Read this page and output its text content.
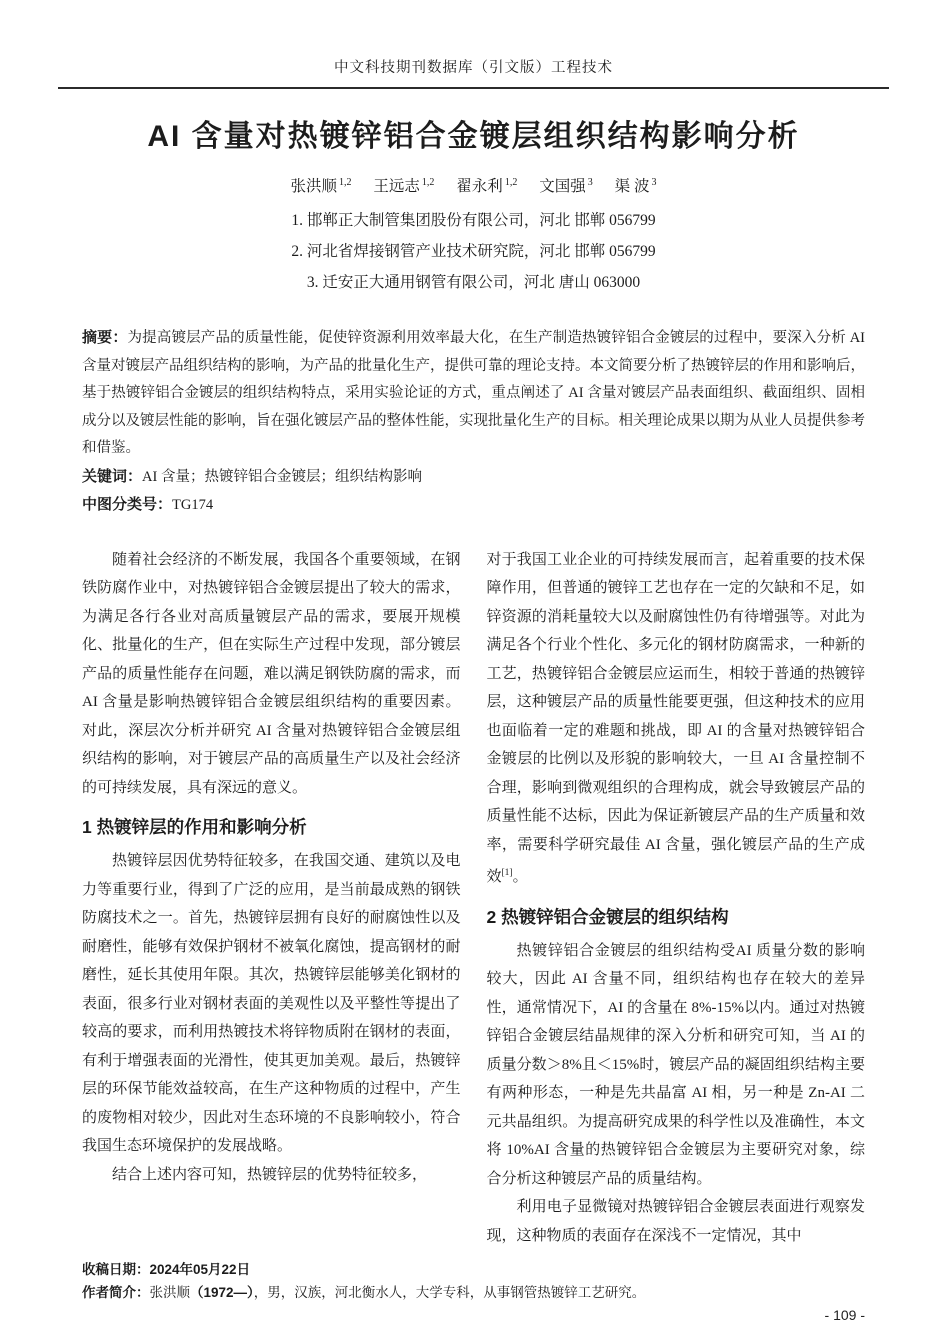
中文科技期刊数据库（引文版）工程技术
AI 含量对热镀锌铝合金镀层组织结构影响分析
张洪顺 $^{1,2}$ 王远志 $^{1,2}$ 翟永利 $^{1,2}$ 文国强 $^3$ 渠 波 $^3$
1. 邯郸正大制管集团股份有限公司，河北 邯郸 056799
2. 河北省焊接钢管产业技术研究院，河北 邯郸 056799
3. 迁安正大通用钢管有限公司，河北 唐山 063000

摘要：为提高镀层产品的质量性能，促使锌资源利用效率最大化，在生产制造热镀锌铝合金镀层的过程中，要深入分析 AI 含量对镀层产品组织结构的影响，为产品的批量化生产，提供可靠的理论支持。本文简要分析了热镀锌层的作用和影响后，基于热镀锌铝合金镀层的组织结构特点，采用实验论证的方式，重点阐述了 AI 含量对镀层产品表面组织、截面组织、固相成分以及镀层性能的影响，旨在强化镀层产品的整体性能，实现批量化生产的目标。相关理论成果以期为从业人员提供参考和借鉴。

关键词：AI 含量；热镀锌铝合金镀层；组织结构影响

中图分类号：TG174

随着社会经济的不断发展，我国各个重要领域，在钢铁防腐作业中，对热镀锌铝合金镀层提出了较大的需求，为满足各行各业对高质量镀层产品的需求，要展开规模化、批量化的生产，但在实际生产过程中发现，部分镀层产品的质量性能存在问题，难以满足钢铁防腐的需求，而 AI 含量是影响热镀锌铝合金镀层组织结构的重要因素。对此，深层次分析并研究 AI 含量对热镀锌铝合金镀层组织结构的影响，对于镀层产品的高质量生产以及社会经济的可持续发展，具有深远的意义。

1 热镀锌层的作用和影响分析

热镀锌层因优势特征较多，在我国交通、建筑以及电力等重要行业，得到了广泛的应用，是当前最成熟的钢铁防腐技术之一。首先，热镀锌层拥有良好的耐腐蚀性以及耐磨性，能够有效保护钢材不被氧化腐蚀，提高钢材的耐磨性，延长其使用年限。其次，热镀锌层能够美化钢材的表面，很多行业对钢材表面的美观性以及平整性等提出了较高的要求，而利用热镀技术将锌物质附在钢材的表面，有利于增强表面的光滑性，使其更加美观。最后，热镀锌层的环保节能效益较高，在生产这种物质的过程中，产生的废物相对较少，因此对生态环境的不良影响较小，符合我国生态环境保护的发展战略。

结合上述内容可知，热镀锌层的优势特征较多，

对于我国工业企业的可持续发展而言，起着重要的技术保障作用，但普通的镀锌工艺也存在一定的欠缺和不足，如锌资源的消耗量较大以及耐腐蚀性仍有待增强等。对此为满足各个行业个性化、多元化的钢材防腐需求，一种新的工艺，热镀锌铝合金镀层应运而生，相较于普通的热镀锌层，这种镀层产品的质量性能要更强，但这种技术的应用也面临着一定的难题和挑战，即 AI 的含量对热镀锌铝合金镀层的比例以及形貌的影响较大，一旦 AI 含量控制不合理，影响到微观组织的合理构成，就会导致镀层产品的质量性能不达标，因此为保证新镀层产品的生产质量和效率，需要科学研究最佳 AI 含量，强化镀层产品的生产成效[1]。

2 热镀锌铝合金镀层的组织结构

热镀锌铝合金镀层的组织结构受AI 质量分数的影响较大，因此 AI 含量不同，组织结构也存在较大的差异性，通常情况下，AI 的含量在 8%-15%以内。通过对热镀锌铝合金镀层结晶规律的深入分析和研究可知，当 AI 的质量分数＞8%且＜15%时，镀层产品的凝固组织结构主要有两种形态，一种是先共晶富 AI 相，另一种是 Zn-AI 二元共晶组织。为提高研究成果的科学性以及准确性，本文将 10%AI 含量的热镀锌铝合金镀层为主要研究对象，综合分析这种镀层产品的质量结构。

利用电子显微镜对热镀锌铝合金镀层表面进行观察发现，这种物质的表面存在深浅不一定情况，其中

收稿日期：2024年05月22日
作者简介：张洪顺（1972—），男，汉族，河北衡水人，大学专科，从事钢管热镀锌工艺研究。
- 109 -
